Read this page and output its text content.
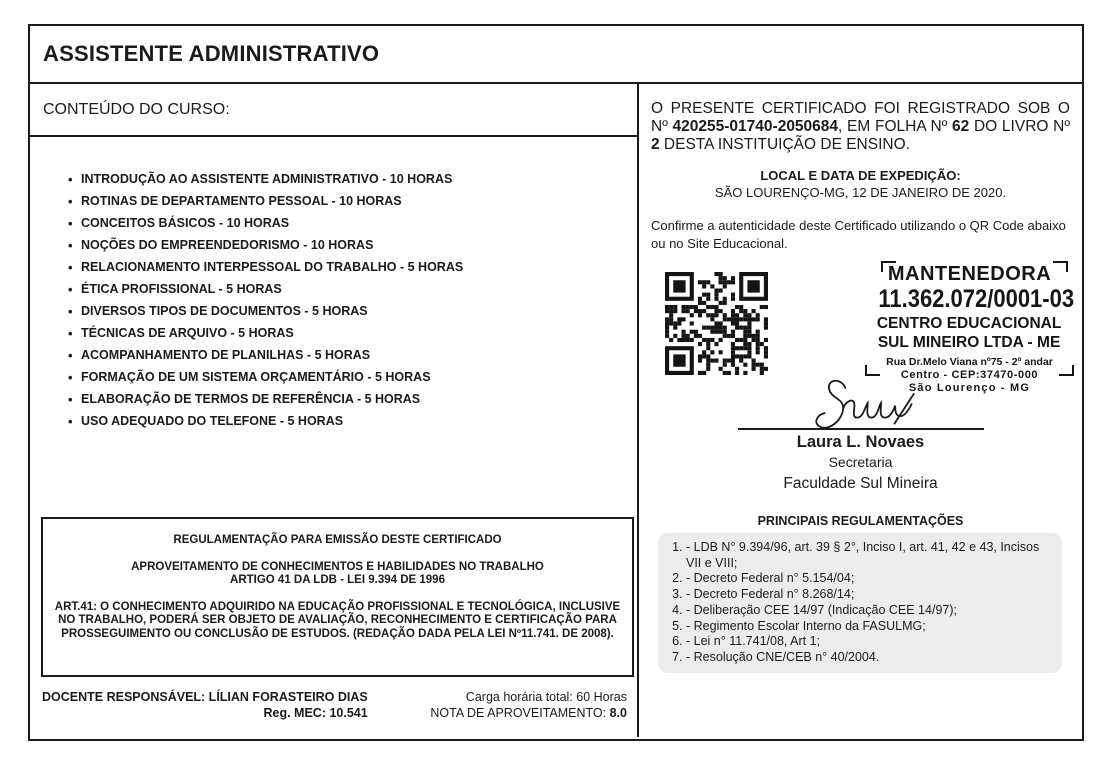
ASSISTENTE ADMINISTRATIVO
CONTEÚDO DO CURSO:
• INTRODUÇÃO AO ASSISTENTE ADMINISTRATIVO - 10 HORAS
• ROTINAS DE DEPARTAMENTO PESSOAL - 10 HORAS
• CONCEITOS BÁSICOS - 10 HORAS
• NOÇÕES DO EMPREENDEDORISMO - 10 HORAS
• RELACIONAMENTO INTERPESSOAL DO TRABALHO - 5 HORAS
• ÉTICA PROFISSIONAL - 5 HORAS
• DIVERSOS TIPOS DE DOCUMENTOS - 5 HORAS
• TÉCNICAS DE ARQUIVO - 5 HORAS
• ACOMPANHAMENTO DE PLANILHAS - 5 HORAS
• FORMAÇÃO DE UM SISTEMA ORÇAMENTÁRIO - 5 HORAS
• ELABORAÇÃO DE TERMOS DE REFERÊNCIA - 5 HORAS
• USO ADEQUADO DO TELEFONE - 5 HORAS
REGULAMENTAÇÃO PARA EMISSÃO DESTE CERTIFICADO
APROVEITAMENTO DE CONHECIMENTOS E HABILIDADES NO TRABALHO
ARTIGO 41 DA LDB - LEI 9.394 DE 1996
ART.41: O CONHECIMENTO ADQUIRIDO NA EDUCAÇÃO PROFISSIONAL E TECNOLÓGICA, INCLUSIVE NO TRABALHO, PODERÁ SER OBJETO DE AVALIAÇÃO, RECONHECIMENTO E CERTIFICAÇÃO PARA PROSSEGUIMENTO OU CONCLUSÃO DE ESTUDOS. (REDAÇÃO DADA PELA LEI Nº11.741. DE 2008).
DOCENTE RESPONSÁVEL: LÍLIAN FORASTEIRO DIAS
Reg. MEC: 10.541
Carga horária total: 60 Horas
NOTA DE APROVEITAMENTO: 8.0

O PRESENTE CERTIFICADO FOI REGISTRADO SOB O Nº 420255-01740-2050684, EM FOLHA Nº 62 DO LIVRO Nº 2 DESTA INSTITUIÇÃO DE ENSINO.

LOCAL E DATA DE EXPEDIÇÃO:
SÃO LOURENÇO-MG, 12 DE JANEIRO DE 2020.

Confirme a autenticidade deste Certificado utilizando o QR Code abaixo ou no Site Educacional.

MANTENEDORA
11.362.072/0001-03
CENTRO EDUCACIONAL
SUL MINEIRO LTDA - ME
Rua Dr.Melo Viana nº75 - 2º andar
Centro - CEP:37470-000
São Lourenço - MG
Laura L. Novaes
Secretaria
Faculdade Sul Mineira
PRINCIPAIS REGULAMENTAÇÕES
1. - LDB N° 9.394/96, art. 39 § 2°, Inciso I, art. 41, 42 e 43, Incisos VII e VIII;
2. - Decreto Federal n° 5.154/04;
3. - Decreto Federal n° 8.268/14;
4. - Deliberação CEE 14/97 (Indicação CEE 14/97);
5. - Regimento Escolar Interno da FASULMG;
6. - Lei n° 11.741/08, Art 1;
7. - Resolução CNE/CEB n° 40/2004.
